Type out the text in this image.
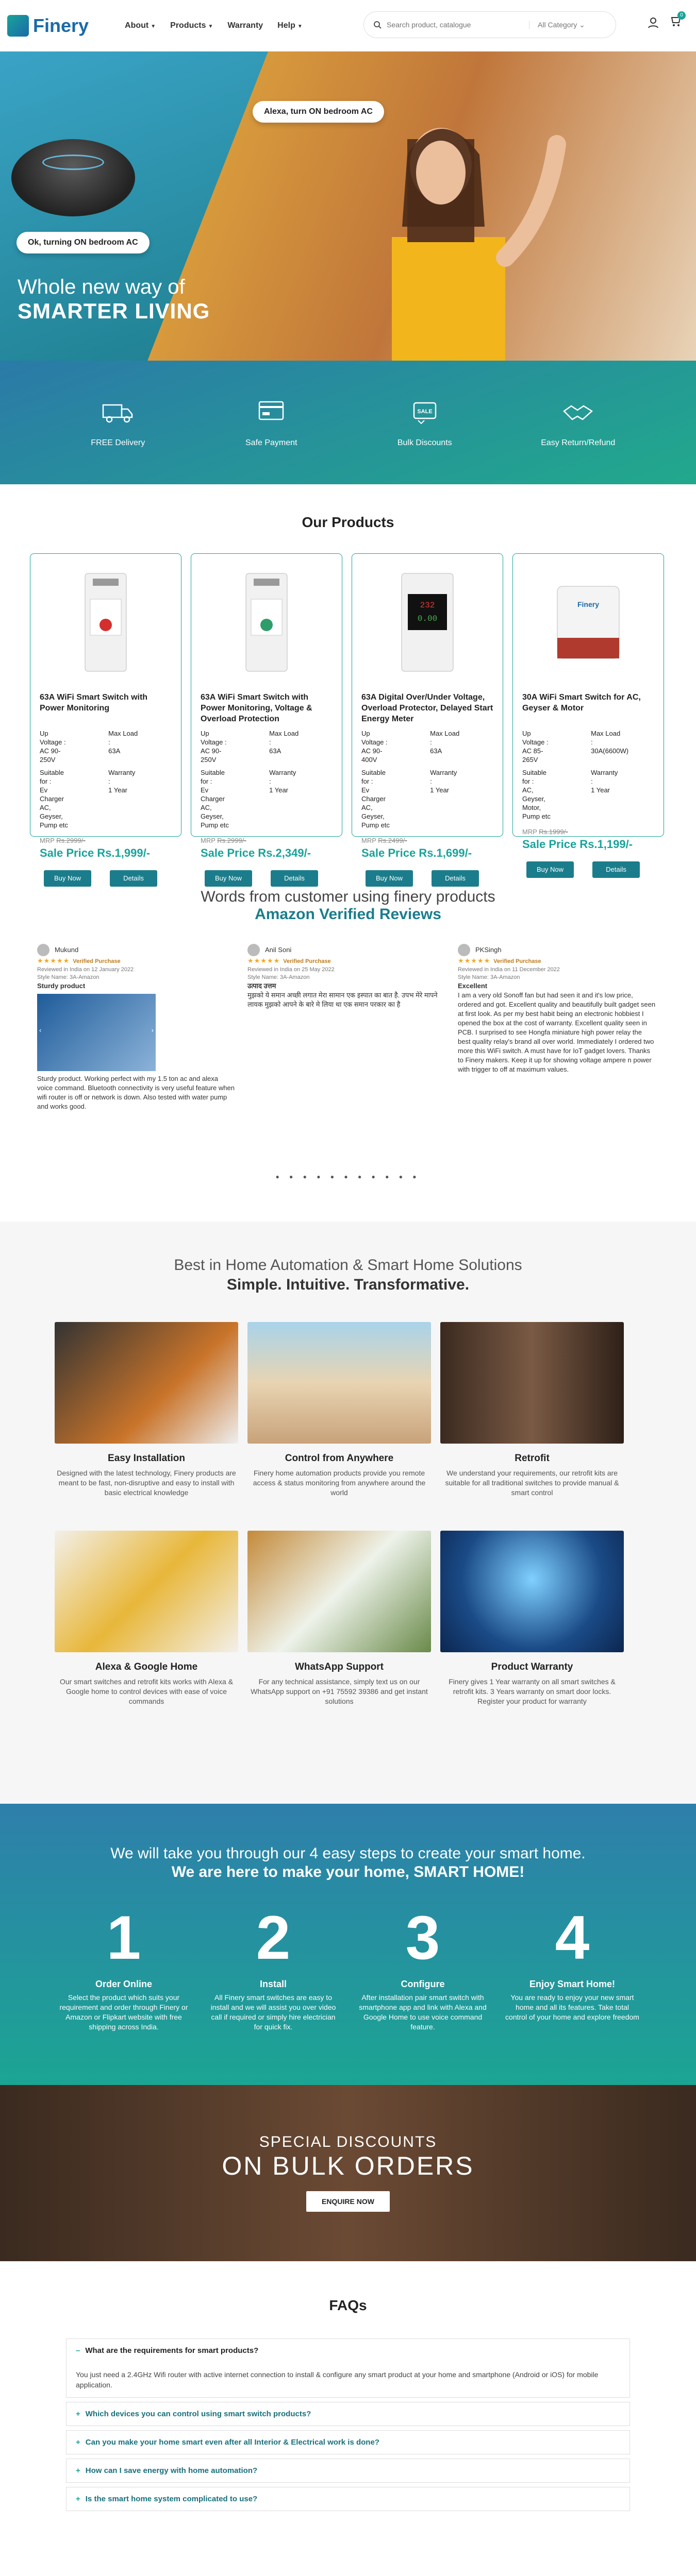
Finery	About ▼ Products ▼ Warranty Help ▼
Search product, catalogue	All Category ⌄
0
Alexa, turn ON bedroom AC
Ok, turning ON bedroom AC
Whole new way of
SMARTER LIVING
FREE Delivery	Safe Payment
SALE
Bulk Discounts	Easy Return/Refund
Our Products
63A WiFi Smart Switch with Power Monitoring
Up Voltage :
AC 90-250V
Max Load :
63A
Suitable for :
Ev Charger AC, Geyser, Pump etc
Warranty :
1 Year
MRP Rs.2999/-
Sale Price Rs.1,999/-
Buy Now	Details
63A WiFi Smart Switch with Power Monitoring, Voltage & Overload Protection
Up Voltage :
AC 90-250V
Max Load :
63A
Suitable for :
Ev Charger AC, Geyser, Pump etc
Warranty :
1 Year
MRP Rs.2999/-
Sale Price Rs.2,349/-
Buy Now	Details
232
0.00
63A Digital Over/Under Voltage, Overload Protector, Delayed Start Energy Meter
Up Voltage :
AC 90-400V
Max Load :
63A
Suitable for :
Ev Charger AC, Geyser, Pump etc
Warranty :
1 Year
MRP Rs.2499/-
Sale Price Rs.1,699/-
Buy Now	Details
Finery
30A WiFi Smart Switch for AC, Geyser & Motor
Up Voltage :
AC 85-265V
Max Load :
30A(6600W)
Suitable for :
AC, Geyser, Motor, Pump etc
Warranty :
1 Year
MRP Rs.1999/-
Sale Price Rs.1,199/-
Buy Now	Details
Words from customer using finery products
Amazon Verified Reviews
Mukund
★★★★★ Verified Purchase
Reviewed in India on 12 January 2022
Style Name: 3A-Amazon
Sturdy product
‹	›
Sturdy product. Working perfect with my 1.5 ton ac and alexa voice command. Bluetooth connectivity is very useful feature when wifi router is off or network is down. Also tested with water pump and works good.
Anil Soni
★★★★★ Verified Purchase
Reviewed in India on 25 May 2022
Style Name: 3A-Amazon
उत्पाद उत्तम
मुझको ये समान अच्छी लगात मेरा सामान एक इस्पात का बात है. उपभ मेरे मापने लायक मुझको आपने के बारे मे लिया था एक समान परकार का है
PKSingh
★★★★★ Verified Purchase
Reviewed in India on 11 December 2022
Style Name: 3A-Amazon
Excellent
I am a very old Sonoff fan but had seen it and it's low price, ordered and got. Excellent quality and beautifully built gadget seen at first look. As per my best habit being an electronic hobbiest I opened the box at the cost of warranty. Excellent quality seen in PCB. I surprised to see Hongfa miniature high power relay the best quality relay's brand all over world. Immediately I ordered two more this WiFi switch. A must have for IoT gadget lovers. Thanks to Finery makers. Keep it up for showing voltage ampere n power with trigger to off at maximum values.
● ● ● ● ● ● ● ● ● ● ●
Best in Home Automation & Smart Home Solutions
Simple. Intuitive. Transformative.
Easy Installation
Designed with the latest technology, Finery products are meant to be fast, non-disruptive and easy to install with basic electrical knowledge
Control from Anywhere
Finery home automation products provide you remote access & status monitoring from anywhere around the world
Retrofit
We understand your requirements, our retrofit kits are suitable for all traditional switches to provide manual & smart control
Alexa & Google Home
Our smart switches and retrofit kits works with Alexa & Google home to control devices with ease of voice commands
WhatsApp Support
For any technical assistance, simply text us on our WhatsApp support on +91 75592 39386 and get instant solutions
Product Warranty
Finery gives 1 Year warranty on all smart switches & retrofit kits. 3 Years warranty on smart door locks. Register your product for warranty
We will take you through our 4 easy steps to create your smart home.
We are here to make your home, SMART HOME!
1
Order Online
Select the product which suits your requirement and order through Finery or Amazon or Flipkart website with free shipping across India.
2
Install
All Finery smart switches are easy to install and we will assist you over video call if required or simply hire electrician for quick fix.
3
Configure
After installation pair smart switch with smartphone app and link with Alexa and Google Home to use voice command feature.
4
Enjoy Smart Home!
You are ready to enjoy your new smart home and all its features. Take total control of your home and explore freedom
SPECIAL DISCOUNTS
ON BULK ORDERS
ENQUIRE NOW
FAQs
– What are the requirements for smart products?
You just need a 2.4GHz Wifi router with active internet connection to install & configure any smart product at your home and smartphone (Android or iOS) for mobile application.
+ Which devices you can control using smart switch products?
+ Can you make your home smart even after all Interior & Electrical work is done?
+ How can I save energy with home automation?
+ Is the smart home system complicated to use?
